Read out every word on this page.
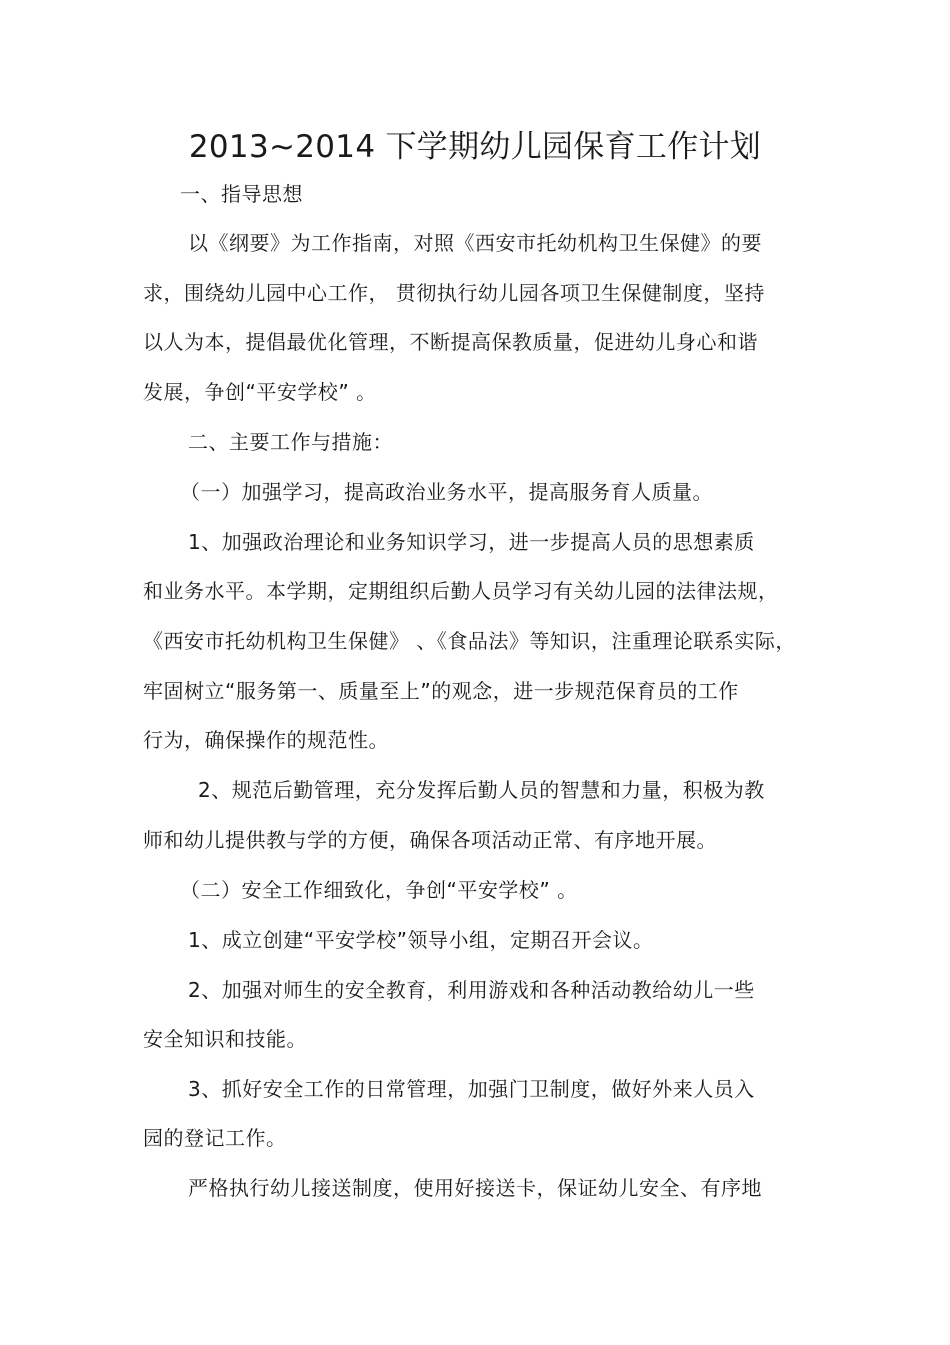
2013~2014 下学期幼儿园保育工作计划
一、指导思想
以《纲要》为工作指南，对照《西安市托幼机构卫生保健》的要
求，围绕幼儿园中心工作， 贯彻执行幼儿园各项卫生保健制度，坚持
以人为本，提倡最优化管理，不断提高保教质量，促进幼儿身心和谐
发展，争创“平安学校” 。
二、主要工作与措施：
（一）加强学习，提高政治业务水平，提高服务育人质量。
1、加强政治理论和业务知识学习，进一步提高人员的思想素质
和业务水平。本学期，定期组织后勤人员学习有关幼儿园的法律法规，
《西安市托幼机构卫生保健》 、《食品法》等知识，注重理论联系实际，
牢固树立“服务第一、质量至上”的观念，进一步规范保育员的工作
行为，确保操作的规范性。
2、规范后勤管理，充分发挥后勤人员的智慧和力量，积极为教
师和幼儿提供教与学的方便，确保各项活动正常、有序地开展。
（二）安全工作细致化，争创“平安学校” 。
1、成立创建“平安学校”领导小组，定期召开会议。
2、加强对师生的安全教育，利用游戏和各种活动教给幼儿一些
安全知识和技能。
3、抓好安全工作的日常管理，加强门卫制度，做好外来人员入
园的登记工作。
严格执行幼儿接送制度，使用好接送卡，保证幼儿安全、有序地
